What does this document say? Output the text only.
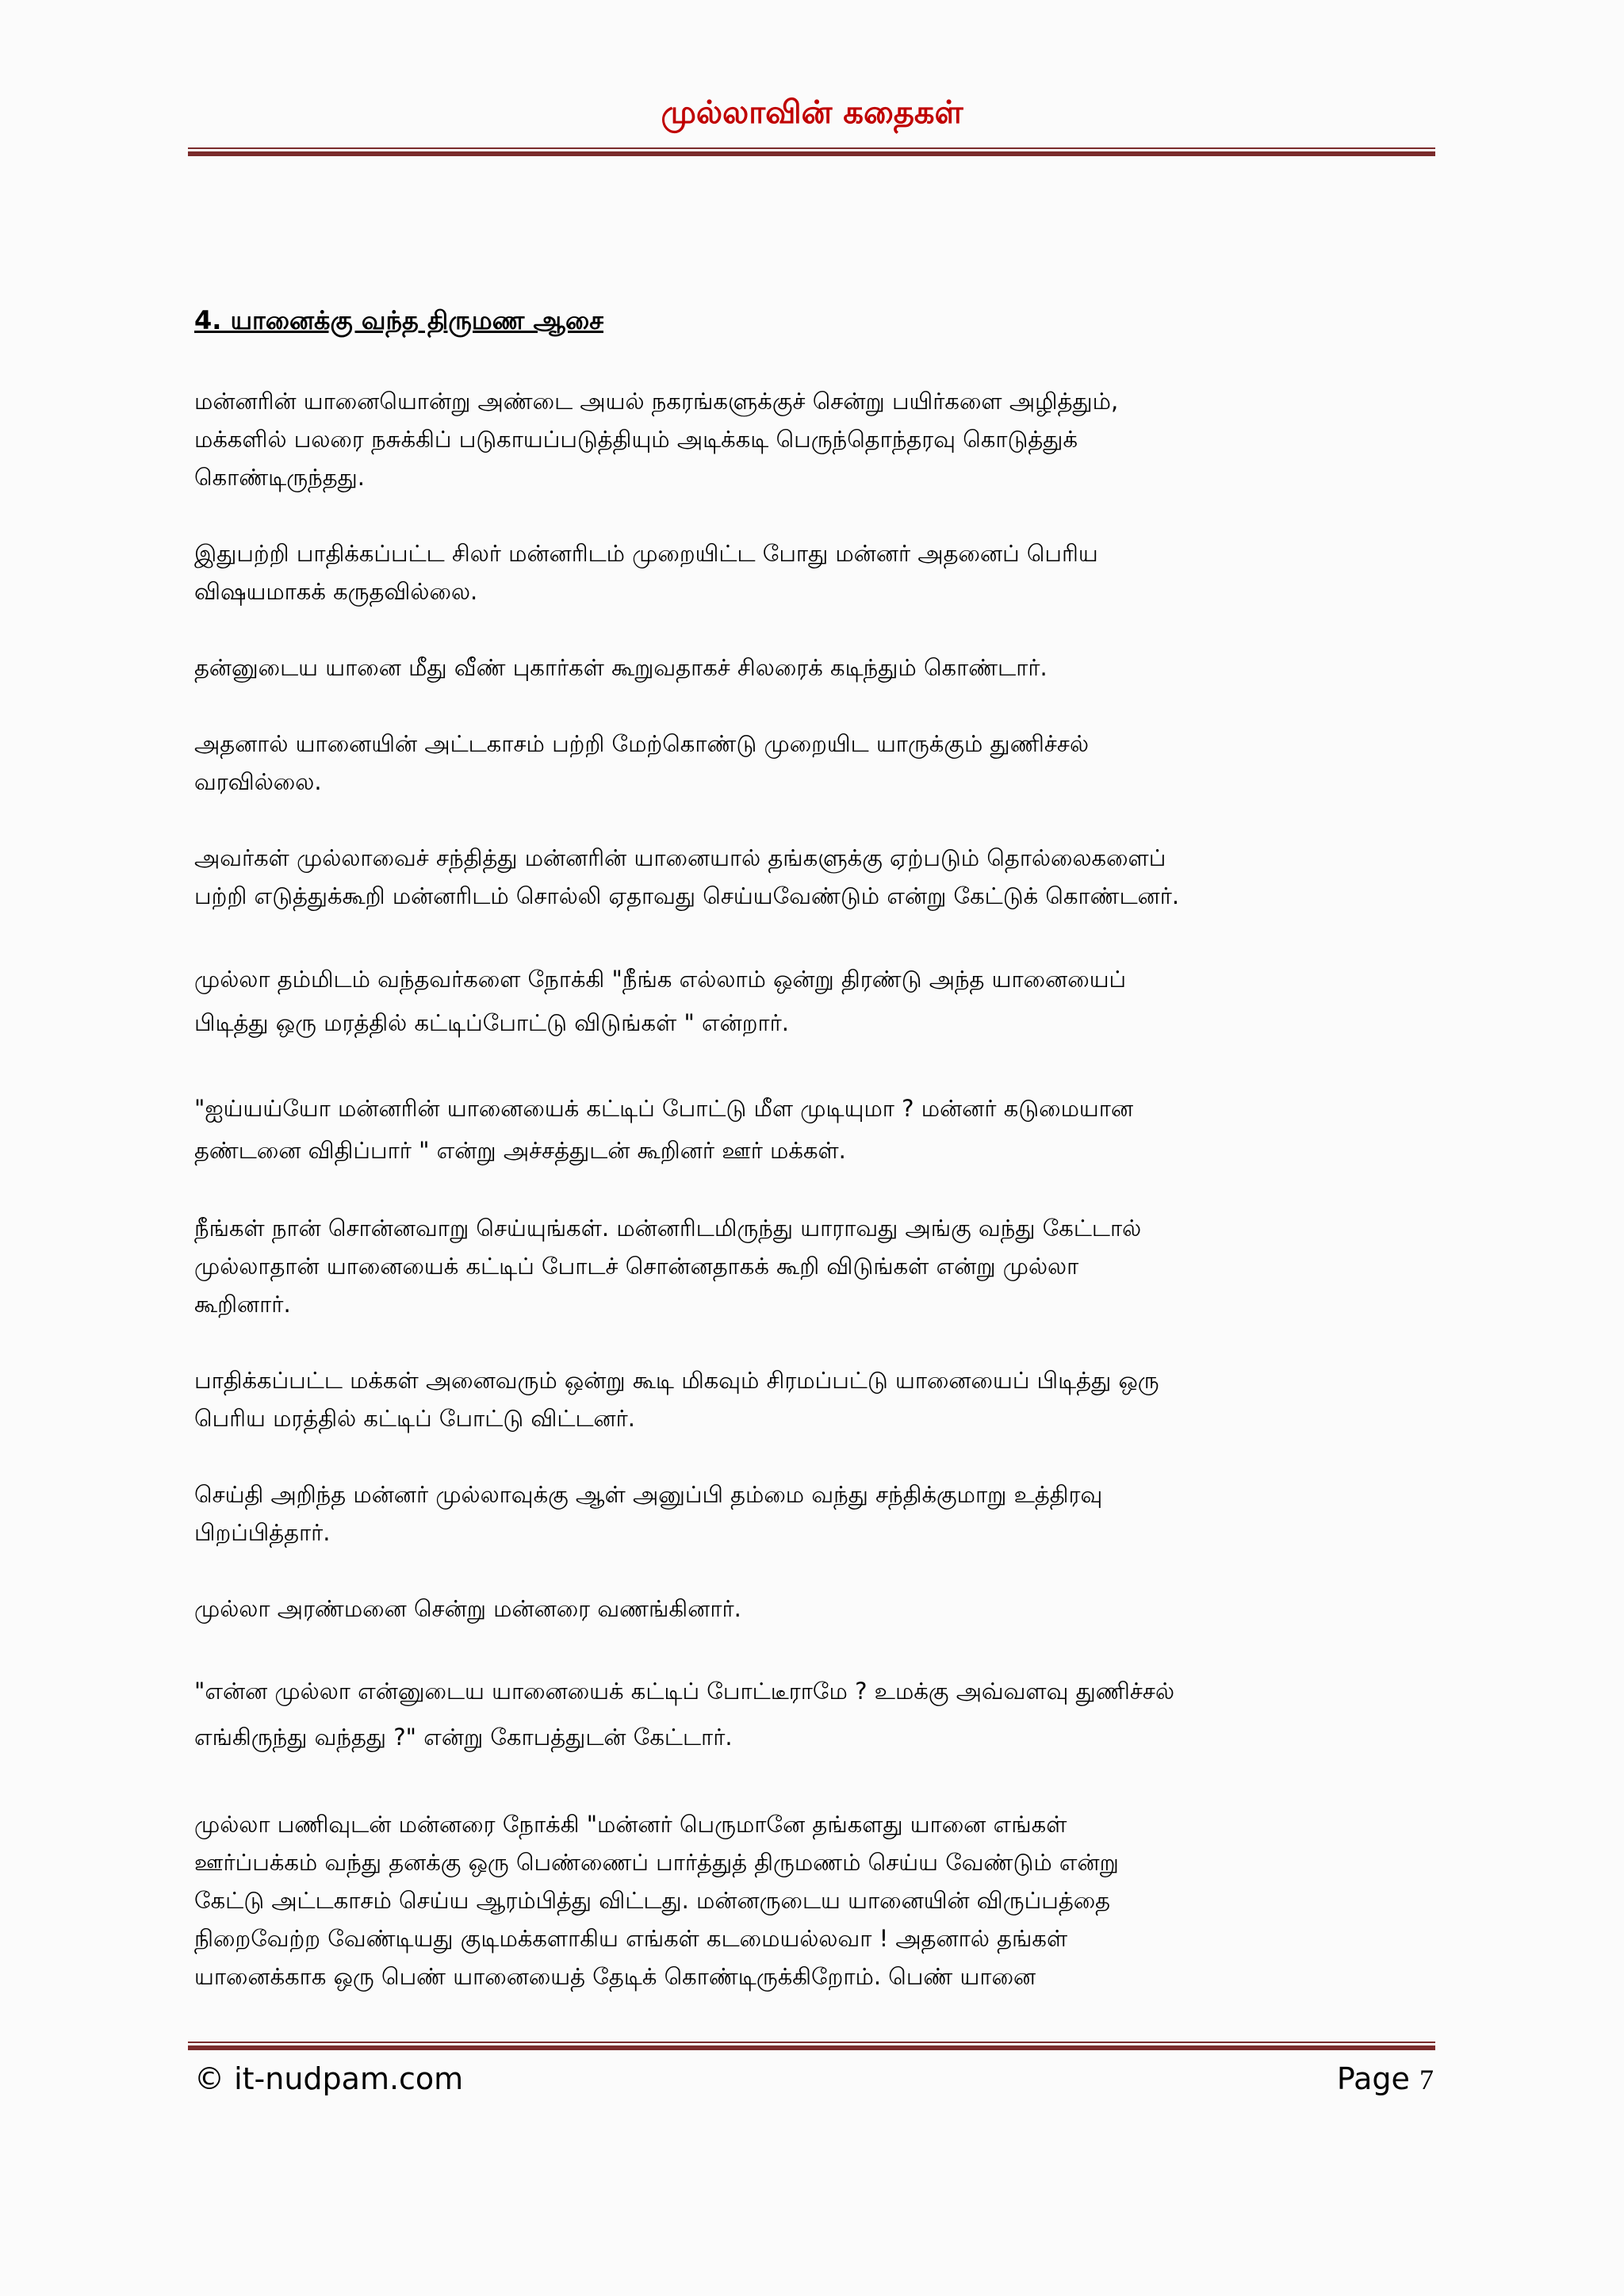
முல்லாவின் கதைகள்
4. யானைக்கு வந்த திருமண ஆசை

மன்னரின் யானையொன்று அண்டை அயல் நகரங்களுக்குச் சென்று பயிர்களை அழித்தும்,

மக்களில் பலரை நசுக்கிப் படுகாயப்படுத்தியும் அடிக்கடி பெருந்தொந்தரவு கொடுத்துக்

கொண்டிருந்தது.

இதுபற்றி பாதிக்கப்பட்ட சிலர் மன்னரிடம் முறையிட்ட போது மன்னர் அதனைப் பெரிய

விஷயமாகக் கருதவில்லை.

தன்னுடைய யானை மீது வீண் புகார்கள் கூறுவதாகச் சிலரைக் கடிந்தும் கொண்டார்.

அதனால் யானையின் அட்டகாசம் பற்றி மேற்கொண்டு முறையிட யாருக்கும் துணிச்சல்

வரவில்லை.

அவர்கள் முல்லாவைச் சந்தித்து மன்னரின் யானையால் தங்களுக்கு ஏற்படும் தொல்லைகளைப்

பற்றி எடுத்துக்கூறி மன்னரிடம் சொல்லி ஏதாவது செய்யவேண்டும் என்று கேட்டுக் கொண்டனர்.

முல்லா தம்மிடம் வந்தவர்களை நோக்கி "நீங்க எல்லாம் ஒன்று திரண்டு அந்த யானையைப்

பிடித்து ஒரு மரத்தில் கட்டிப்போட்டு விடுங்கள் " என்றார்.

"ஐய்யய்யோ மன்னரின் யானையைக் கட்டிப் போட்டு மீள முடியுமா ? மன்னர் கடுமையான

தண்டனை விதிப்பார் " என்று அச்சத்துடன் கூறினர் ஊர் மக்கள்.

நீங்கள் நான் சொன்னவாறு செய்யுங்கள். மன்னரிடமிருந்து யாராவது அங்கு வந்து கேட்டால்

முல்லாதான் யானையைக் கட்டிப் போடச் சொன்னதாகக் கூறி விடுங்கள் என்று முல்லா

கூறினார்.

பாதிக்கப்பட்ட மக்கள் அனைவரும் ஒன்று கூடி மிகவும் சிரமப்பட்டு யானையைப் பிடித்து ஒரு

பெரிய மரத்தில் கட்டிப் போட்டு விட்டனர்.

செய்தி அறிந்த மன்னர் முல்லாவுக்கு ஆள் அனுப்பி தம்மை வந்து சந்திக்குமாறு உத்திரவு

பிறப்பித்தார்.

முல்லா அரண்மனை சென்று மன்னரை வணங்கினார்.

"என்ன முல்லா என்னுடைய யானையைக் கட்டிப் போட்டீராமே ? உமக்கு அவ்வளவு துணிச்சல்

எங்கிருந்து வந்தது ?" என்று கோபத்துடன் கேட்டார்.

முல்லா பணிவுடன் மன்னரை நோக்கி "மன்னர் பெருமானே தங்களது யானை எங்கள்

ஊர்ப்பக்கம் வந்து தனக்கு ஒரு பெண்ணைப் பார்த்துத் திருமணம் செய்ய வேண்டும் என்று

கேட்டு அட்டகாசம் செய்ய ஆரம்பித்து விட்டது. மன்னருடைய யானையின் விருப்பத்தை

நிறைவேற்ற வேண்டியது குடிமக்களாகிய எங்கள் கடமையல்லவா ! அதனால் தங்கள்

யானைக்காக ஒரு பெண் யானையைத் தேடிக் கொண்டிருக்கிறோம். பெண் யானை

© it-nudpam.com	Page 7
